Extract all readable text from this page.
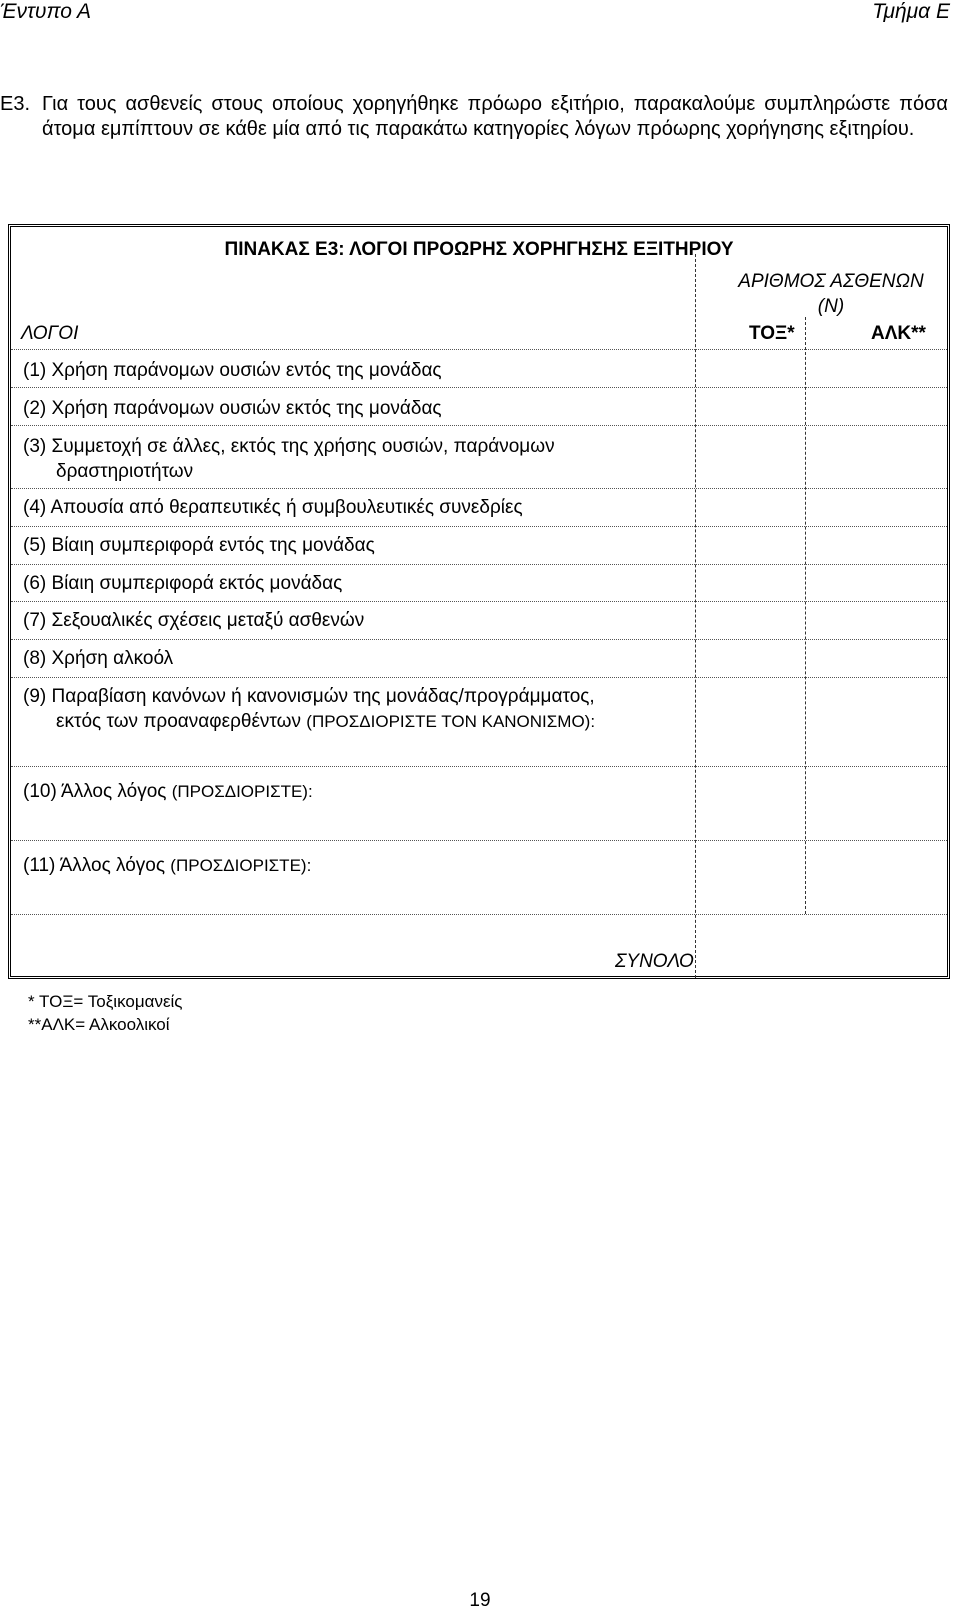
Έντυπο Α	Τμήμα Ε
Ε3. Για τους ασθενείς στους οποίους χορηγήθηκε πρόωρο εξιτήριο, παρακαλούμε συμπληρώστε πόσα άτομα εμπίπτουν σε κάθε μία από τις παρακάτω κατηγορίες λόγων πρόωρης χορήγησης εξιτηρίου.
ΠΙΝΑΚΑΣ Ε3: ΛΟΓΟΙ ΠΡΟΩΡΗΣ ΧΟΡΗΓΗΣΗΣ ΕΞΙΤΗΡΙΟΥ
ΑΡΙΘΜΟΣ ΑΣΘΕΝΩΝ
(Ν)
ΛΟΓΟΙ	ΤΟΞ*	ΑΛΚ**
(1) Χρήση παράνομων ουσιών εντός της μονάδας
(2) Χρήση παράνομων ουσιών εκτός της μονάδας
(3) Συμμετοχή σε άλλες, εκτός της χρήσης ουσιών, παράνομων
δραστηριοτήτων
(4) Απουσία από θεραπευτικές ή συμβουλευτικές συνεδρίες
(5) Βίαιη συμπεριφορά εντός της μονάδας
(6) Βίαιη συμπεριφορά εκτός μονάδας
(7) Σεξουαλικές σχέσεις μεταξύ ασθενών
(8) Χρήση αλκοόλ
(9) Παραβίαση κανόνων ή κανονισμών της μονάδας/προγράμματος,
εκτός των προαναφερθέντων (ΠΡΟΣΔΙΟΡΙΣΤΕ ΤΟΝ ΚΑΝΟΝΙΣΜΟ):
(10) Άλλος λόγος (ΠΡΟΣΔΙΟΡΙΣΤΕ):
(11) Άλλος λόγος (ΠΡΟΣΔΙΟΡΙΣΤΕ):
ΣΥΝΟΛΟ
* ΤΟΞ= Τοξικομανείς
**ΑΛΚ= Αλκοολικοί
19
